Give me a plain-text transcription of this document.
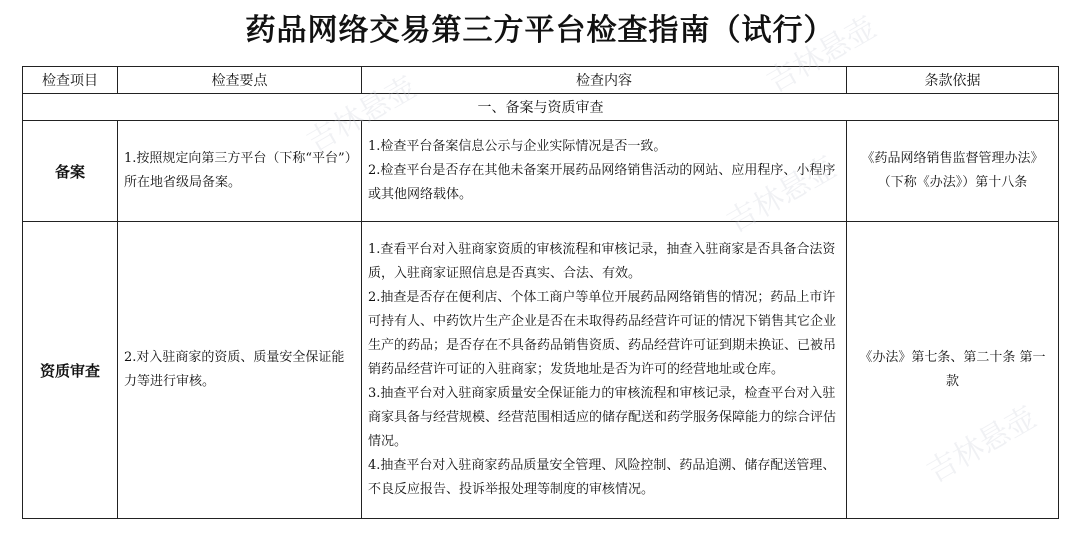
药品网络交易第三方平台检查指南（试行）
检查项目	检查要点	检查内容	条款依据
一、备案与资质审查			
备案	1.按照规定向第三方平台（下称“平台”）所在地省级局备案。	1.检查平台备案信息公示与企业实际情况是否一致。
2.检查平台是否存在其他未备案开展药品网络销售活动的网站、应用程序、小程序或其他网络载体。	《药品网络销售监督管理办法》（下称《办法》）第十八条
资质审查	2.对入驻商家的资质、质量安全保证能力等进行审核。	1.查看平台对入驻商家资质的审核流程和审核记录，抽查入驻商家是否具备合法资质，入驻商家证照信息是否真实、合法、有效。
2.抽查是否存在便利店、个体工商户等单位开展药品网络销售的情况；药品上市许可持有人、中药饮片生产企业是否在未取得药品经营许可证的情况下销售其它企业生产的药品；是否存在不具备药品销售资质、药品经营许可证到期未换证、已被吊销药品经营许可证的入驻商家；发货地址是否为许可的经营地址或仓库。
3.抽查平台对入驻商家质量安全保证能力的审核流程和审核记录，检查平台对入驻商家具备与经营规模、经营范围相适应的储存配送和药学服务保障能力的综合评估情况。
4.抽查平台对入驻商家药品质量安全管理、风险控制、药品追溯、储存配送管理、不良反应报告、投诉举报处理等制度的审核情况。	《办法》第七条、第二十条 第一款
吉林悬壶
吉林悬壶
吉林悬壶
吉林悬壶
